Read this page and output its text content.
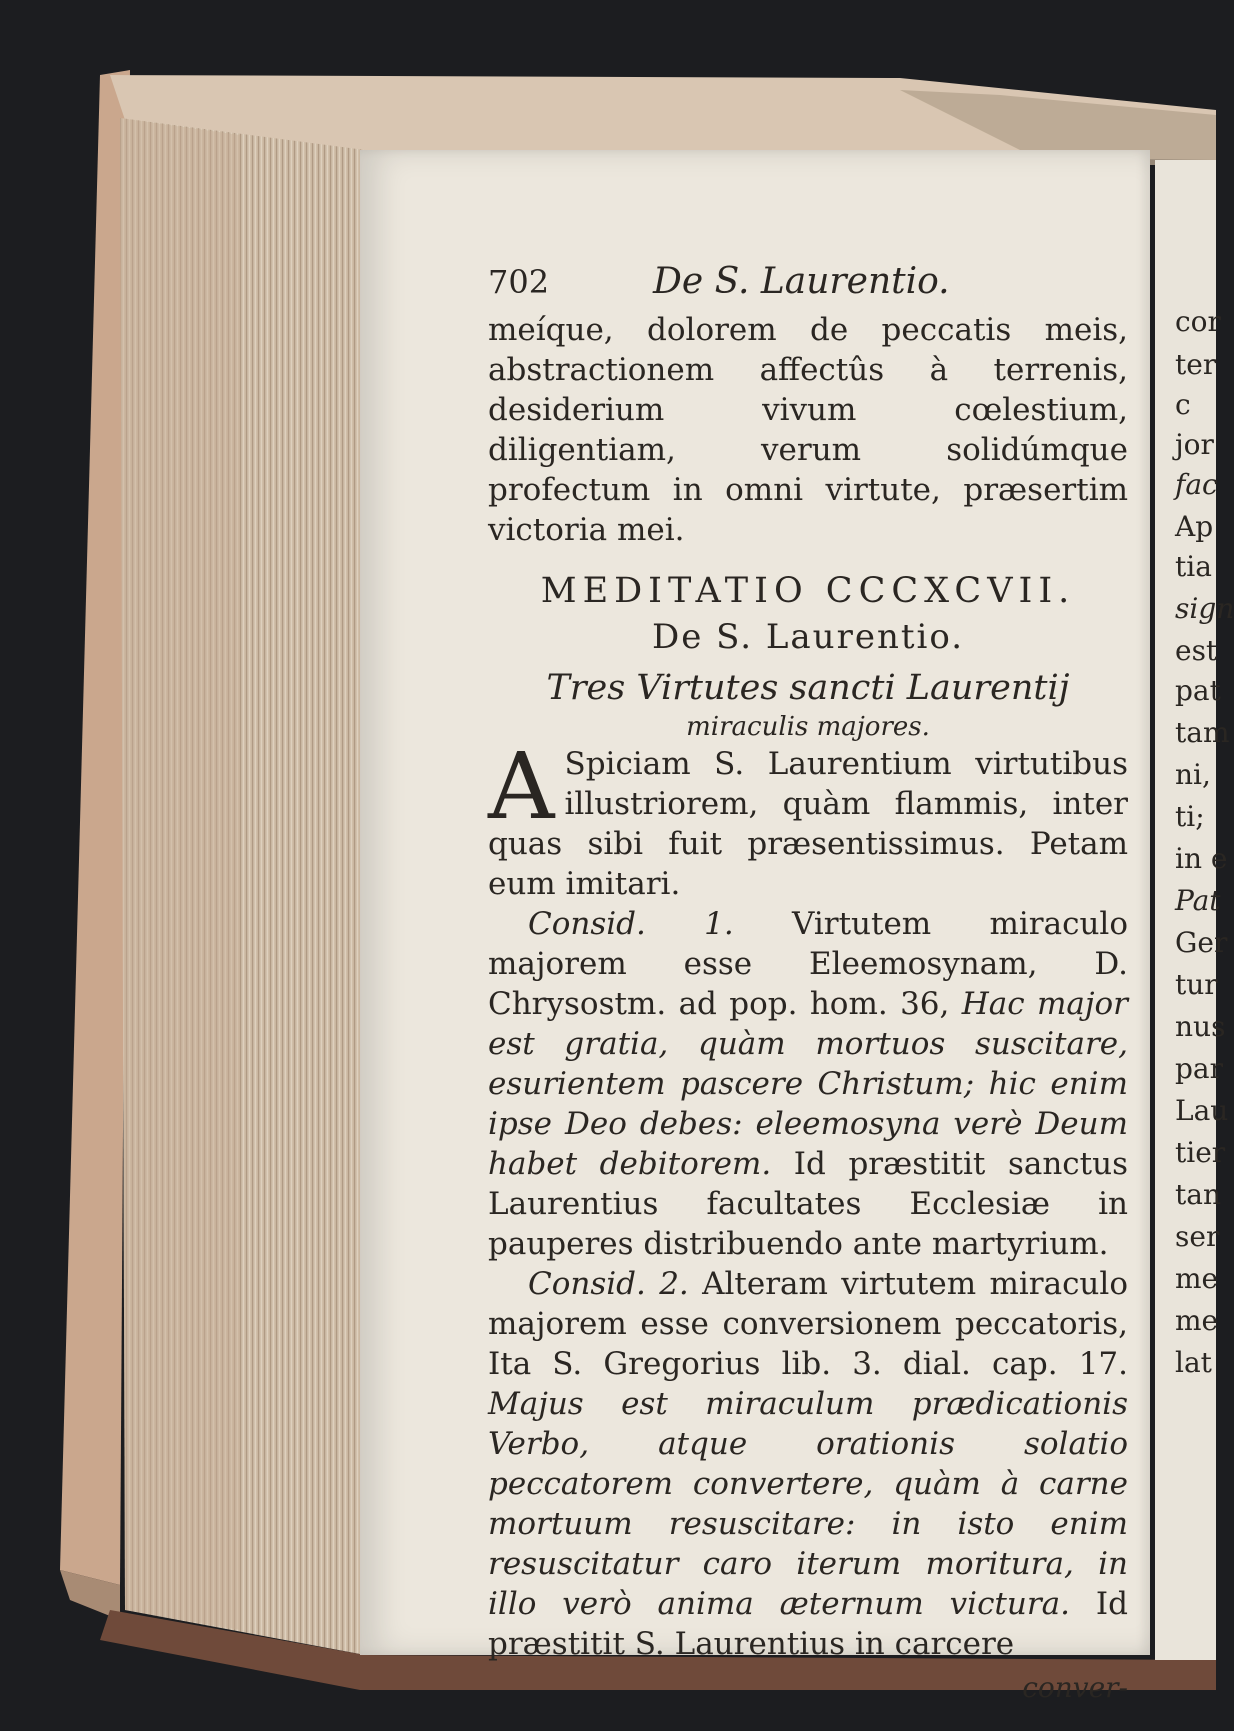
cor
ter
c
jor
fac
Ap
tia
sign
est
pat
tam
ni,
ti;
in e
Pat
Ger
tur
nus
par
Lau
tier
tan
ser
me
me
lat
702	De S. Laurentio.

meíque, dolorem de peccatis meis, abstractionem affectûs à terrenis, desiderium vivum cœlestium, diligentiam, verum solidúmque profectum in omni virtute, præsertim victoria mei.

MEDITATIO CCCXCVII.
De S. Laurentio.
Tres Virtutes sancti Laurentij
miraculis majores.

A Spiciam S. Laurentium virtutibus illustriorem, quàm flammis, inter quas sibi fuit præsentissimus. Petam eum imitari.

Consid. 1. Virtutem miraculo majorem esse Eleemosynam, D. Chrysostm. ad pop. hom. 36, Hac major est gratia, quàm mortuos suscitare, esurientem pascere Christum; hic enim ipse Deo debes: eleemosyna verè Deum habet debitorem. Id præstitit sanctus Laurentius facultates Ecclesiæ in pauperes distribuendo ante martyrium.

Consid. 2. Alteram virtutem miraculo majorem esse conversionem peccatoris, Ita S. Gregorius lib. 3. dial. cap. 17. Majus est miraculum prædicationis Verbo, atque orationis solatio peccatorem convertere, quàm à carne mortuum resuscitare: in isto enim resuscitatur caro iterum moritura, in illo verò anima æternum victura. Id præstitit S. Laurentius in carcere

conver-
